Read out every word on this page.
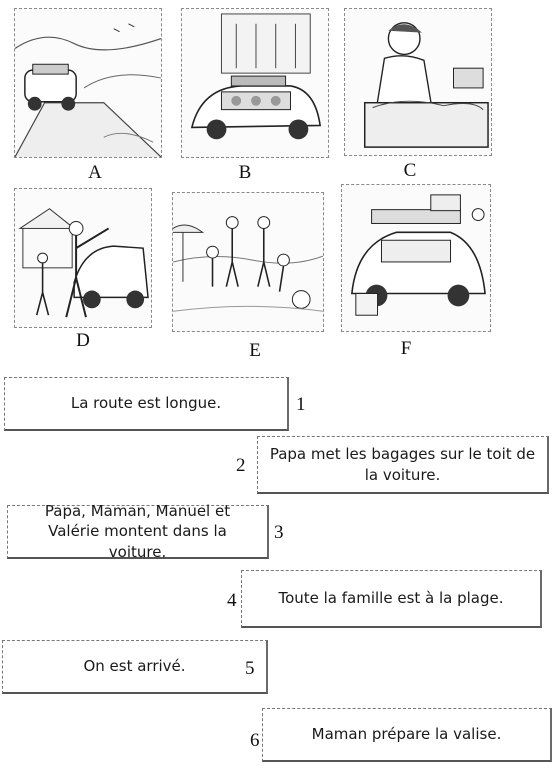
A	B	C
D	E	F
La route est longue.	1
Papa met les bagages sur le toit de la voiture.
2
Papa, Maman, Manuel et Valérie montent dans la voiture.
3
Toute la famille est à la plage.
4
On est arrivé.	5
Maman prépare la valise.
6
